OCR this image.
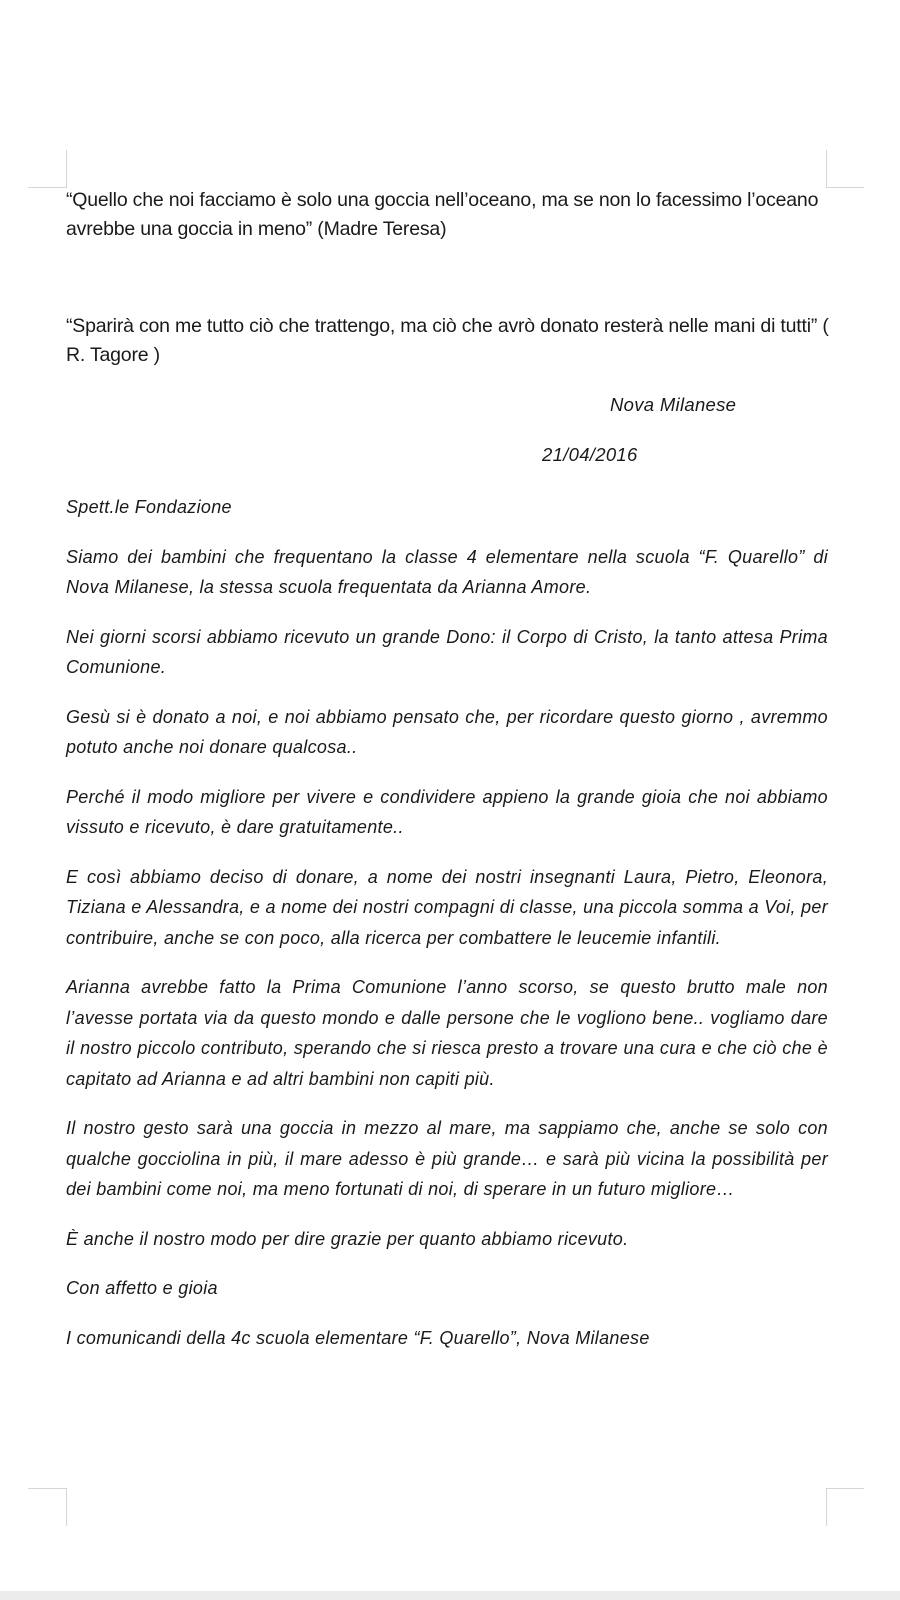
“Quello che noi facciamo è solo una goccia nell’oceano, ma se non lo facessimo l’oceano avrebbe una goccia in meno” (Madre Teresa)

“Sparirà con me tutto ciò che trattengo, ma ciò che avrò donato resterà nelle mani di tutti” ( R. Tagore )

Nova Milanese

21/04/2016

Spett.le Fondazione

Siamo dei bambini che frequentano la classe 4 elementare nella scuola “F. Quarello” di Nova Milanese, la stessa scuola frequentata da Arianna Amore.

Nei giorni scorsi abbiamo ricevuto un grande Dono: il Corpo di Cristo, la tanto attesa Prima Comunione.

Gesù si è donato a noi, e noi abbiamo pensato che, per ricordare questo giorno , avremmo potuto anche noi donare qualcosa..

Perché il modo migliore per vivere e condividere appieno la grande gioia che noi abbiamo vissuto e ricevuto, è dare gratuitamente..

E così abbiamo deciso di donare, a nome dei nostri insegnanti Laura, Pietro, Eleonora, Tiziana e Alessandra, e a nome dei nostri compagni di classe, una piccola somma a Voi, per contribuire, anche se con poco, alla ricerca per combattere le leucemie infantili.

Arianna avrebbe fatto la Prima Comunione l’anno scorso, se questo brutto male non l’avesse portata via da questo mondo e dalle persone che le vogliono bene.. vogliamo dare il nostro piccolo contributo, sperando che si riesca presto a trovare una cura e che ciò che è capitato ad Arianna e ad altri bambini non capiti più.

Il nostro gesto sarà una goccia in mezzo al mare, ma sappiamo che, anche se solo con qualche gocciolina in più, il mare adesso è più grande… e sarà più vicina la possibilità per dei bambini come noi, ma meno fortunati di noi, di sperare in un futuro migliore…

È anche il nostro modo per dire grazie per quanto abbiamo ricevuto.

Con affetto e gioia

I comunicandi della 4c scuola elementare “F. Quarello”, Nova Milanese
